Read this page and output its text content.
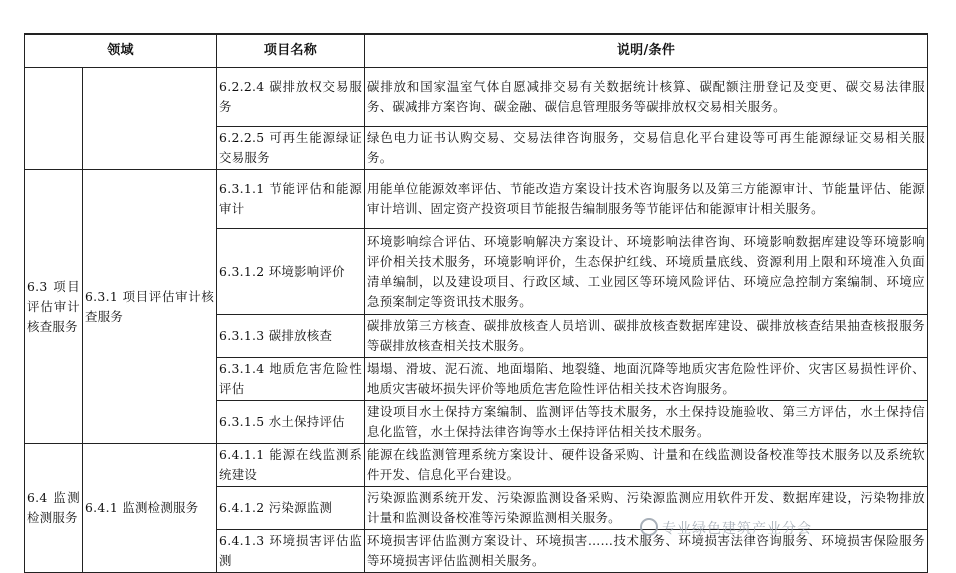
领域		项目名称	说明/条件
		6.2.2.4 碳排放权交易服务	碳排放和国家温室气体自愿减排交易有关数据统计核算、碳配额注册登记及变更、碳交易法律服务、碳减排方案咨询、碳金融、碳信息管理服务等碳排放权交易相关服务。
		6.2.2.5 可再生能源绿证交易服务	绿色电力证书认购交易、交易法律咨询服务，交易信息化平台建设等可再生能源绿证交易相关服务。
6.3 项目评估审计核查服务	6.3.1 项目评估审计核查服务	6.3.1.1 节能评估和能源审计	用能单位能源效率评估、节能改造方案设计技术咨询服务以及第三方能源审计、节能量评估、能源审计培训、固定资产投资项目节能报告编制服务等节能评估和能源审计相关服务。
		6.3.1.2 环境影响评价	环境影响综合评估、环境影响解决方案设计、环境影响法律咨询、环境影响数据库建设等环境影响评价相关技术服务，环境影响评价，生态保护红线、环境质量底线、资源利用上限和环境准入负面清单编制，以及建设项目、行政区域、工业园区等环境风险评估、环境应急控制方案编制、环境应急预案制定等资讯技术服务。
		6.3.1.3 碳排放核查	碳排放第三方核查、碳排放核查人员培训、碳排放核查数据库建设、碳排放核查结果抽查核报服务等碳排放核查相关技术服务。
		6.3.1.4 地质危害危险性评估	塌塌、滑坡、泥石流、地面塌陷、地裂缝、地面沉降等地质灾害危险性评价、灾害区易损性评价、地质灾害破坏损失评价等地质危害危险性评估相关技术咨询服务。
		6.3.1.5 水土保持评估	建设项目水土保持方案编制、监测评估等技术服务，水土保持设施验收、第三方评估，水土保持信息化监管，水土保持法律咨询等水土保持评估相关技术服务。
6.4 监测检测服务	6.4.1 监测检测服务	6.4.1.1 能源在线监测系统建设	能源在线监测管理系统方案设计、硬件设备采购、计量和在线监测设备校准等技术服务以及系统软件开发、信息化平台建设。
		6.4.1.2 污染源监测	污染源监测系统开发、污染源监测设备采购、污染源监测应用软件开发、数据库建设，污染物排放计量和监测设备校准等污染源监测相关服务。
		6.4.1.3 环境损害评估监测	环境损害评估监测方案设计、环境损害……技术服务、环境损害法律咨询服务、环境损害保险服务等环境损害评估监测相关服务。
专业绿色建筑产业分会
